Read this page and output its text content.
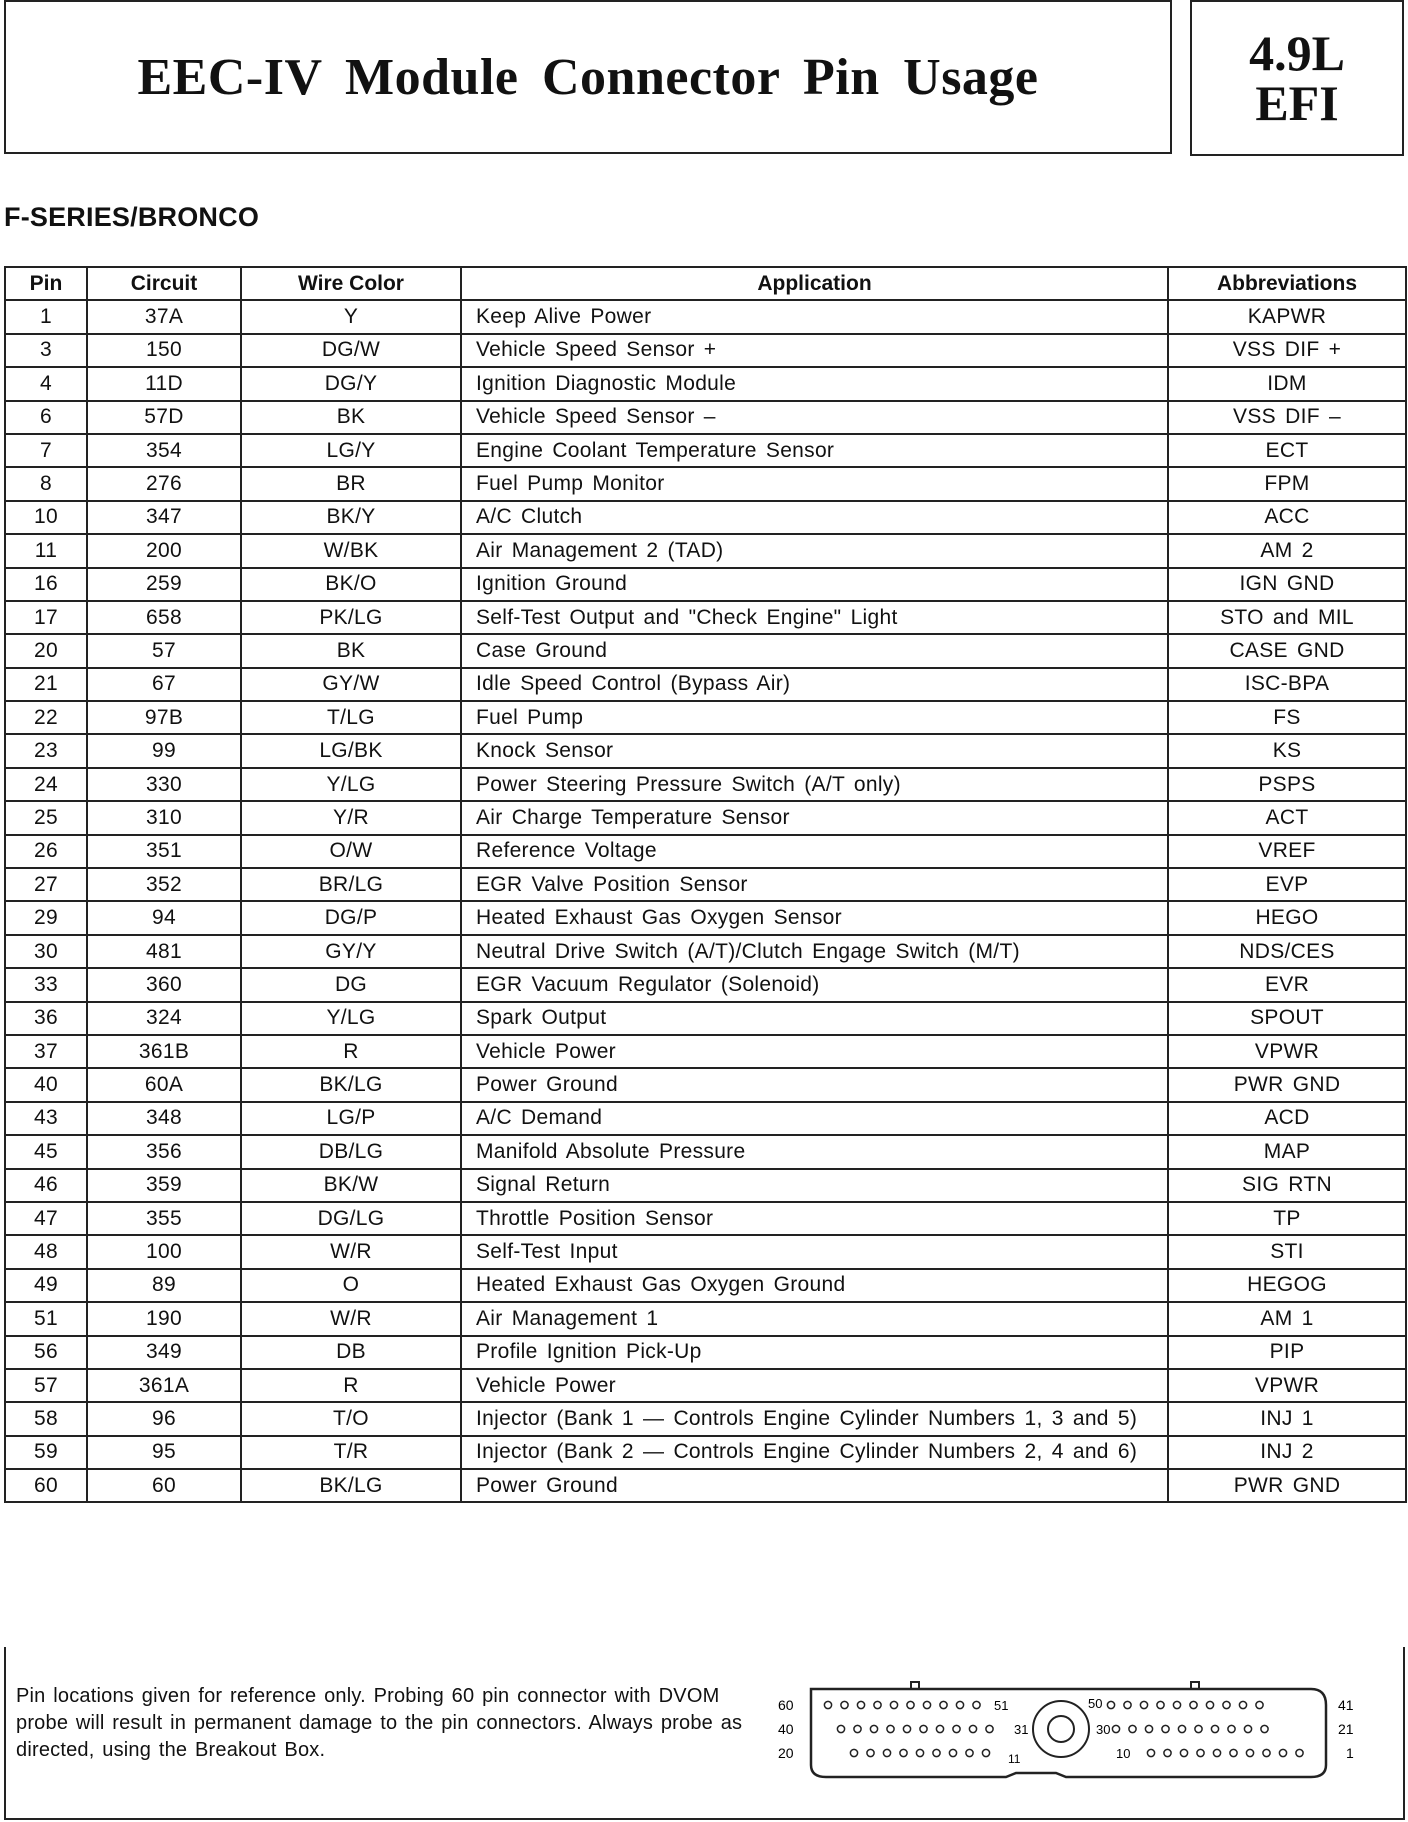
EEC-IV Module Connector Pin Usage	4.9L
EFI
F-SERIES/BRONCO
Pin	Circuit	Wire Color	Application	Abbreviations
1	37A	Y	Keep Alive Power	KAPWR
3	150	DG/W	Vehicle Speed Sensor +	VSS DIF +
4	11D	DG/Y	Ignition Diagnostic Module	IDM
6	57D	BK	Vehicle Speed Sensor –	VSS DIF –
7	354	LG/Y	Engine Coolant Temperature Sensor	ECT
8	276	BR	Fuel Pump Monitor	FPM
10	347	BK/Y	A/C Clutch	ACC
11	200	W/BK	Air Management 2 (TAD)	AM 2
16	259	BK/O	Ignition Ground	IGN GND
17	658	PK/LG	Self-Test Output and "Check Engine" Light	STO and MIL
20	57	BK	Case Ground	CASE GND
21	67	GY/W	Idle Speed Control (Bypass Air)	ISC-BPA
22	97B	T/LG	Fuel Pump	FS
23	99	LG/BK	Knock Sensor	KS
24	330	Y/LG	Power Steering Pressure Switch (A/T only)	PSPS
25	310	Y/R	Air Charge Temperature Sensor	ACT
26	351	O/W	Reference Voltage	VREF
27	352	BR/LG	EGR Valve Position Sensor	EVP
29	94	DG/P	Heated Exhaust Gas Oxygen Sensor	HEGO
30	481	GY/Y	Neutral Drive Switch (A/T)/Clutch Engage Switch (M/T)	NDS/CES
33	360	DG	EGR Vacuum Regulator (Solenoid)	EVR
36	324	Y/LG	Spark Output	SPOUT
37	361B	R	Vehicle Power	VPWR
40	60A	BK/LG	Power Ground	PWR GND
43	348	LG/P	A/C Demand	ACD
45	356	DB/LG	Manifold Absolute Pressure	MAP
46	359	BK/W	Signal Return	SIG RTN
47	355	DG/LG	Throttle Position Sensor	TP
48	100	W/R	Self-Test Input	STI
49	89	O	Heated Exhaust Gas Oxygen Ground	HEGOG
51	190	W/R	Air Management 1	AM 1
56	349	DB	Profile Ignition Pick-Up	PIP
57	361A	R	Vehicle Power	VPWR
58	96	T/O	Injector (Bank 1 — Controls Engine Cylinder Numbers 1, 3 and 5)	INJ 1
59	95	T/R	Injector (Bank 2 — Controls Engine Cylinder Numbers 2, 4 and 6)	INJ 2
60	60	BK/LG	Power Ground	PWR GND
Pin locations given for reference only. Probing 60 pin connector with DVOM probe will result in permanent damage to the pin connectors. Always probe as directed, using the Breakout Box.
60
40
20
41
21
1
51	50
31	30
11	10
